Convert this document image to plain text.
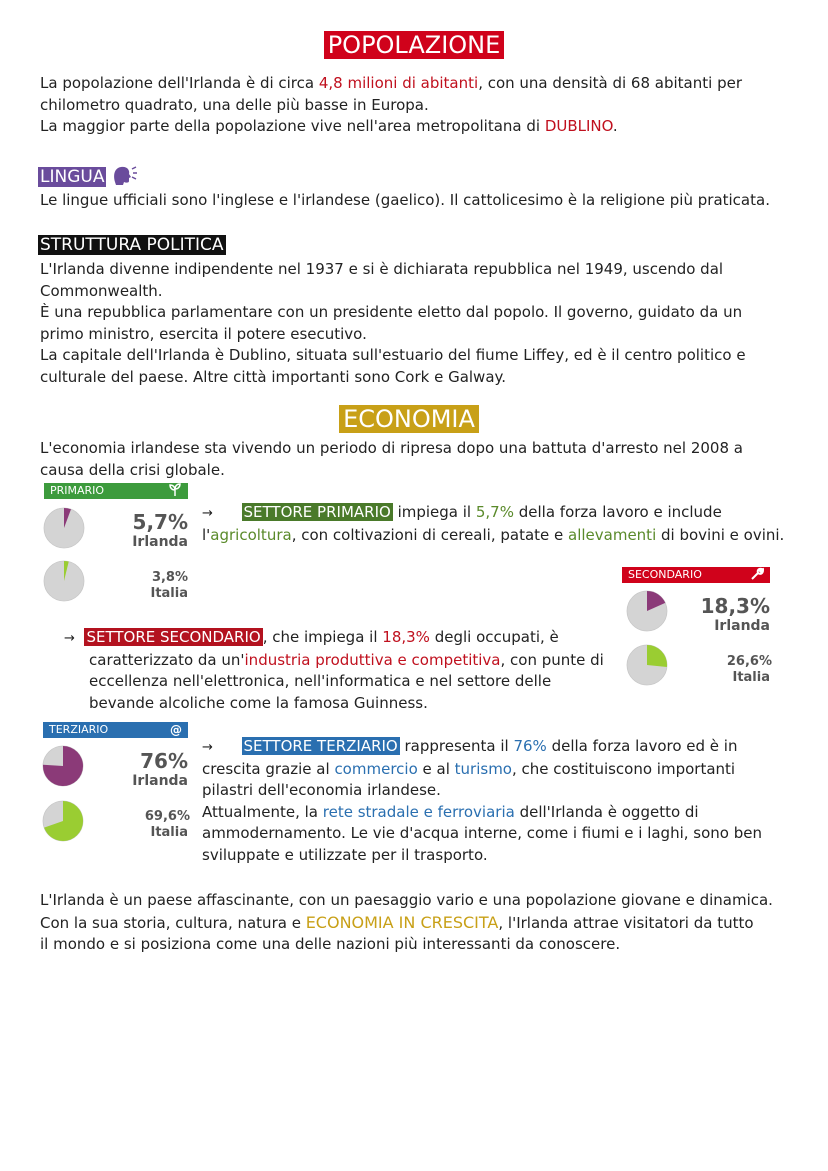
POPOLAZIONE
La popolazione dell'Irlanda è di circa 4,8 milioni di abitanti, con una densità di 68 abitanti per
chilometro quadrato, una delle più basse in Europa.
La maggior parte della popolazione vive nell'area metropolitana di DUBLINO.
LINGUA
Le lingue ufficiali sono l'inglese e l'irlandese (gaelico). Il cattolicesimo è la religione più praticata.
STRUTTURA POLITICA
L'Irlanda divenne indipendente nel 1937 e si è dichiarata repubblica nel 1949, uscendo dal
Commonwealth.
È una repubblica parlamentare con un presidente eletto dal popolo. Il governo, guidato da un
primo ministro, esercita il potere esecutivo.
La capitale dell'Irlanda è Dublino, situata sull'estuario del fiume Liffey, ed è il centro politico e
culturale del paese. Altre città importanti sono Cork e Galway.
ECONOMIA
L'economia irlandese sta vivendo un periodo di ripresa dopo una battuta d'arresto nel 2008 a
causa della crisi globale.
PRIMARIO
5,7%
Irlanda
3,8%
Italia
→ SETTORE PRIMARIO impiega il 5,7% della forza lavoro e include
l'agricoltura, con coltivazioni di cereali, patate e allevamenti di bovini e ovini.
SECONDARIO
18,3%
Irlanda
26,6%
Italia
→ SETTORE SECONDARIO , che impiega il 18,3% degli occupati, è
caratterizzato da un'industria produttiva e competitiva, con punte di
eccellenza nell'elettronica, nell'informatica e nel settore delle
bevande alcoliche come la famosa Guinness.
TERZIARIO	@
76%
Irlanda
69,6%
Italia
→ SETTORE TERZIARIO rappresenta il 76% della forza lavoro ed è in
crescita grazie al commercio e al turismo, che costituiscono importanti
pilastri dell'economia irlandese.
Attualmente, la rete stradale e ferroviaria dell'Irlanda è oggetto di
ammodernamento. Le vie d'acqua interne, come i fiumi e i laghi, sono ben
sviluppate e utilizzate per il trasporto.
L'Irlanda è un paese affascinante, con un paesaggio vario e una popolazione giovane e dinamica.
Con la sua storia, cultura, natura e ECONOMIA IN CRESCITA, l'Irlanda attrae visitatori da tutto
il mondo e si posiziona come una delle nazioni più interessanti da conoscere.
